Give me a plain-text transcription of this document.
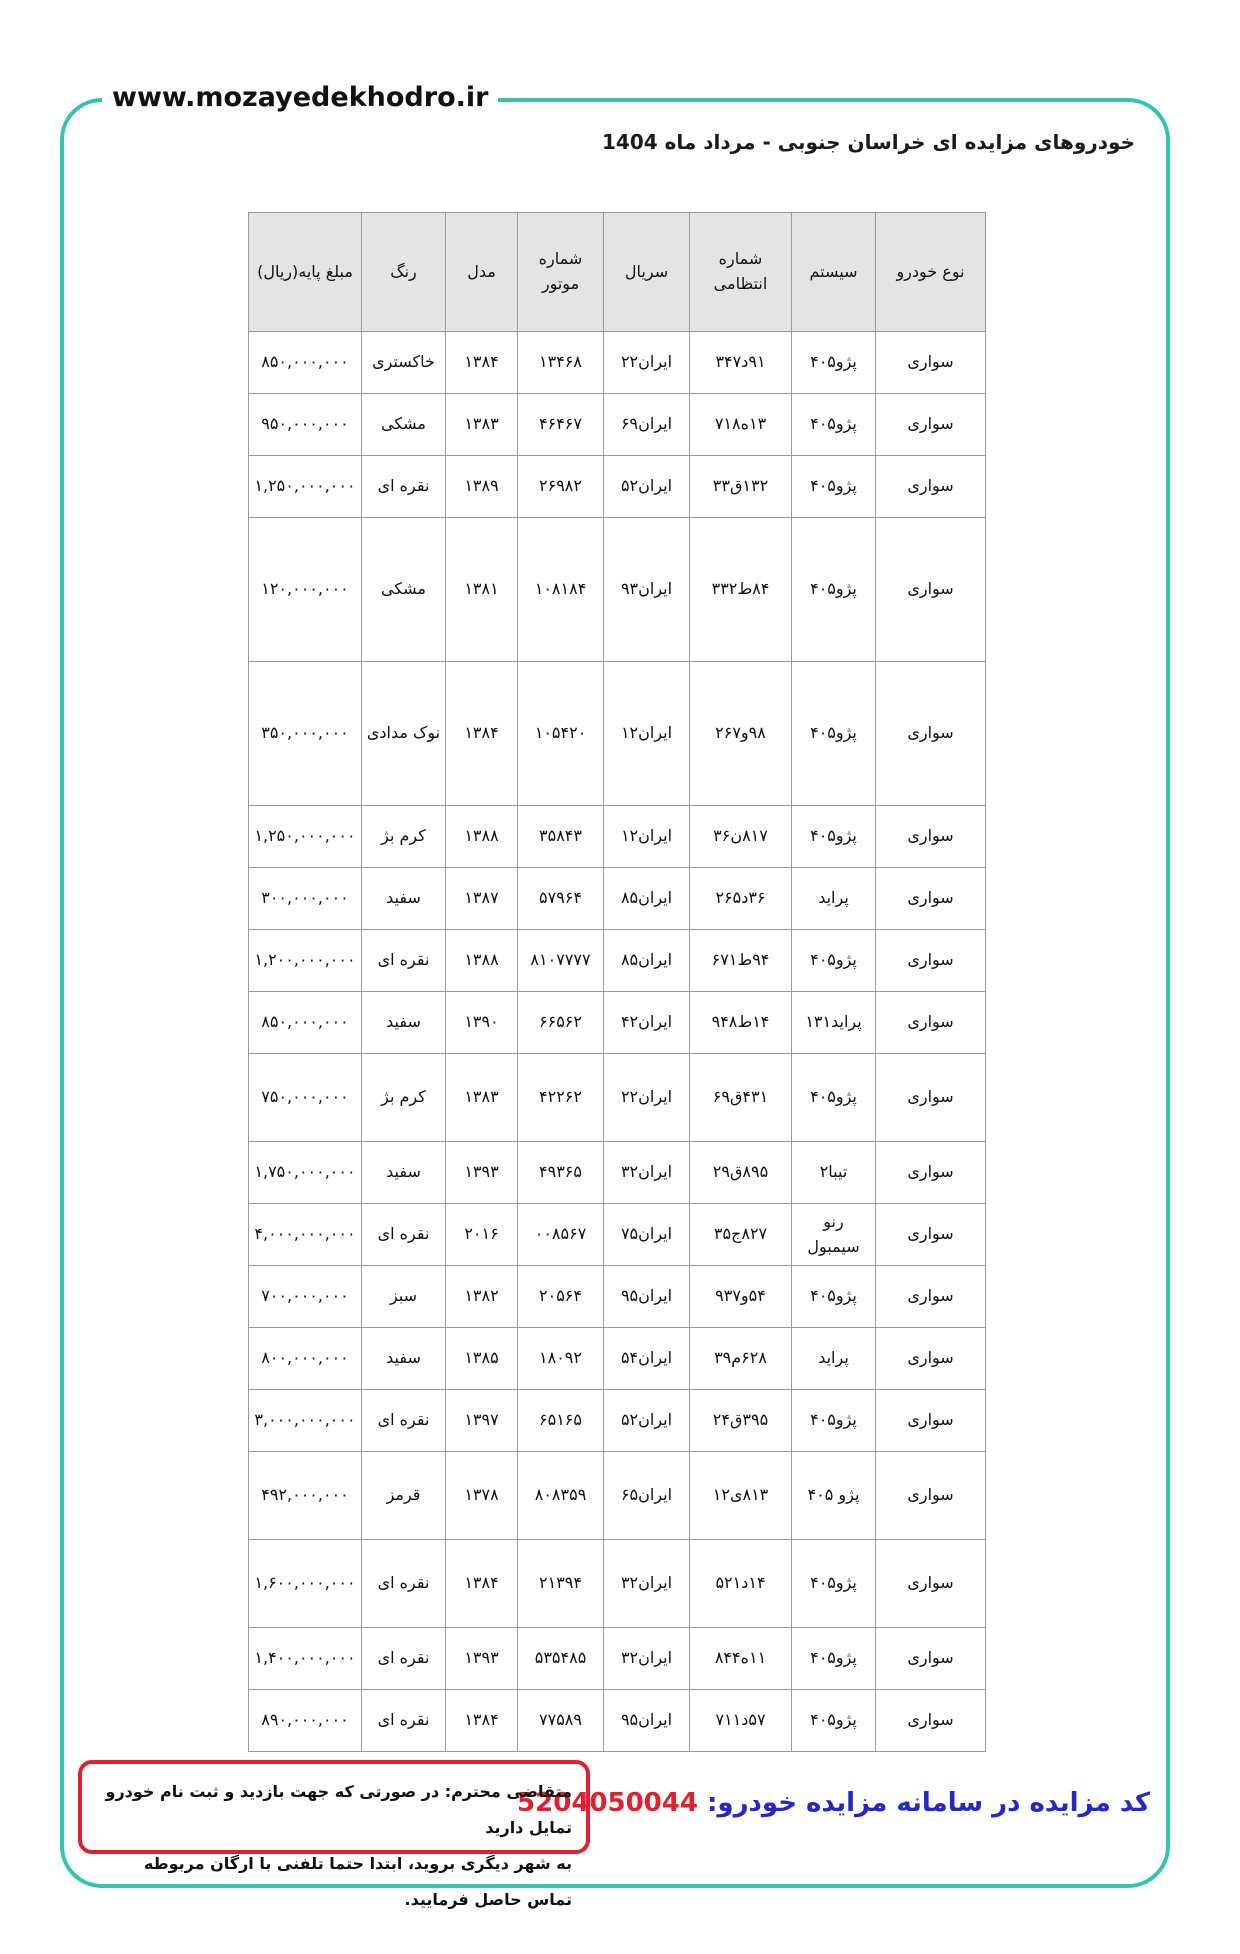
www.mozayedekhodro.ir
خودروهای مزایده ای خراسان جنوبی - مرداد ماه 1404
نوع خودرو	سیستم	شماره انتظامی	سریال	شماره موتور	مدل	رنگ	مبلغ پایه(ریال)
سواری	پژو۴۰۵	۹۱د۳۴۷	ایران۲۲	۱۳۴۶۸	۱۳۸۴	خاکستری	۸۵۰,۰۰۰,۰۰۰
سواری	پژو۴۰۵	۱۳ه۷۱۸	ایران۶۹	۴۶۴۶۷	۱۳۸۳	مشکی	۹۵۰,۰۰۰,۰۰۰
سواری	پژو۴۰۵	۱۳۲ق۳۳	ایران۵۲	۲۶۹۸۲	۱۳۸۹	نقره ای	۱,۲۵۰,۰۰۰,۰۰۰
سواری	پژو۴۰۵	۸۴ط۳۳۲	ایران۹۳	۱۰۸۱۸۴	۱۳۸۱	مشکی	۱۲۰,۰۰۰,۰۰۰
سواری	پژو۴۰۵	۹۸و۲۶۷	ایران۱۲	۱۰۵۴۲۰	۱۳۸۴	نوک مدادی	۳۵۰,۰۰۰,۰۰۰
سواری	پژو۴۰۵	۸۱۷ن۳۶	ایران۱۲	۳۵۸۴۳	۱۳۸۸	کرم بژ	۱,۲۵۰,۰۰۰,۰۰۰
سواری	پراید	۳۶د۲۶۵	ایران۸۵	۵۷۹۶۴	۱۳۸۷	سفید	۳۰۰,۰۰۰,۰۰۰
سواری	پژو۴۰۵	۹۴ط۶۷۱	ایران۸۵	۸۱۰۷۷۷۷	۱۳۸۸	نقره ای	۱,۲۰۰,۰۰۰,۰۰۰
سواری	پراید۱۳۱	۱۴ط۹۴۸	ایران۴۲	۶۶۵۶۲	۱۳۹۰	سفید	۸۵۰,۰۰۰,۰۰۰
سواری	پژو۴۰۵	۴۳۱ق۶۹	ایران۲۲	۴۲۲۶۲	۱۳۸۳	کرم بژ	۷۵۰,۰۰۰,۰۰۰
سواری	تیبا۲	۸۹۵ق۲۹	ایران۳۲	۴۹۳۶۵	۱۳۹۳	سفید	۱,۷۵۰,۰۰۰,۰۰۰
سواری	رنو سیمبول	۸۲۷ج۳۵	ایران۷۵	۰۰۸۵۶۷	۲۰۱۶	نقره ای	۴,۰۰۰,۰۰۰,۰۰۰
سواری	پژو۴۰۵	۵۴و۹۳۷	ایران۹۵	۲۰۵۶۴	۱۳۸۲	سبز	۷۰۰,۰۰۰,۰۰۰
سواری	پراید	۶۲۸م۳۹	ایران۵۴	۱۸۰۹۲	۱۳۸۵	سفید	۸۰۰,۰۰۰,۰۰۰
سواری	پژو۴۰۵	۳۹۵ق۲۴	ایران۵۲	۶۵۱۶۵	۱۳۹۷	نقره ای	۳,۰۰۰,۰۰۰,۰۰۰
سواری	پژو ۴۰۵	۸۱۳ی۱۲	ایران۶۵	۸۰۸۳۵۹	۱۳۷۸	قرمز	۴۹۲,۰۰۰,۰۰۰
سواری	پژو۴۰۵	۱۴د۵۲۱	ایران۳۲	۲۱۳۹۴	۱۳۸۴	نقره ای	۱,۶۰۰,۰۰۰,۰۰۰
سواری	پژو۴۰۵	۱۱ه۸۴۴	ایران۳۲	۵۳۵۴۸۵	۱۳۹۳	نقره ای	۱,۴۰۰,۰۰۰,۰۰۰
سواری	پژو۴۰۵	۵۷د۷۱۱	ایران۹۵	۷۷۵۸۹	۱۳۸۴	نقره ای	۸۹۰,۰۰۰,۰۰۰
کد مزایده در سامانه مزایده خودرو: 5204050044
متقاضی محترم: در صورتی که جهت بازدید و ثبت نام خودرو تمایل دارید
به شهر دیگری بروید، ابتدا حتما تلفنی با ارگان مربوطه تماس حاصل فرمایید.
